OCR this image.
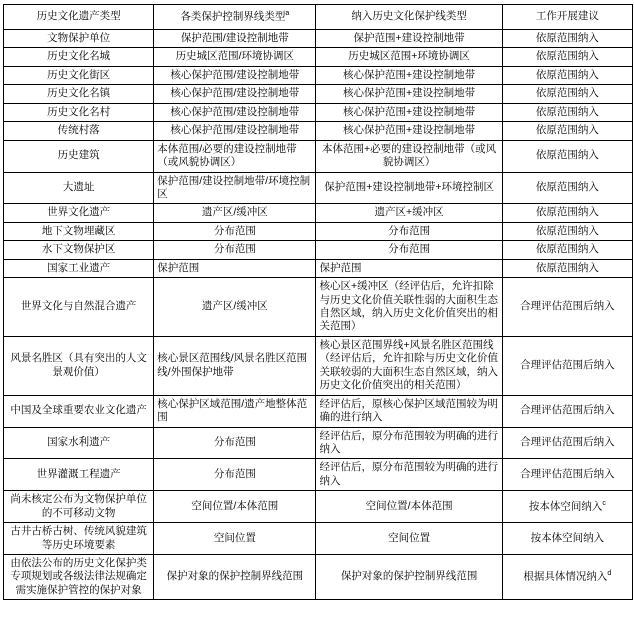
历史文化遗产类型	各类保护控制界线类型$^a$	纳入历史文化保护线类型	工作开展建议
文物保护单位	保护范围/建设控制地带	保护范围+建设控制地带	依原范围纳入
历史文化名城	历史城区范围/环境协调区	历史城区范围+环境协调区	依原范围纳入
历史文化街区	核心保护范围/建设控制地带	核心保护范围+建设控制地带	依原范围纳入
历史文化名镇	核心保护范围/建设控制地带	核心保护范围+建设控制地带	依原范围纳入
历史文化名村	核心保护范围/建设控制地带	核心保护范围+建设控制地带	依原范围纳入
传统村落	核心保护范围/建设控制地带	核心保护范围+建设控制地带	依原范围纳入
历史建筑	本体范围/必要的建设控制地带（或风貌协调区）	本体范围+必要的建设控制地带（或风貌协调区）	依原范围纳入
大遗址	保护范围/建设控制地带/环境控制区	保护范围+建设控制地带+环境控制区	依原范围纳入
世界文化遗产	遗产区/缓冲区	遗产区+缓冲区	依原范围纳入
地下文物埋藏区	分布范围	分布范围	依原范围纳入
水下文物保护区	分布范围	分布范围	依原范围纳入
国家工业遗产	保护范围	保护范围	依原范围纳入
世界文化与自然混合遗产	遗产区/缓冲区	核心区+缓冲区（经评估后，允许扣除与历史文化价值关联性弱的大面积生态自然区域，纳入历史文化价值突出的相关范围）	合理评估范围后纳入
风景名胜区（具有突出的人文景观价值）	核心景区范围线/风景名胜区范围线/外围保护地带	核心景区范围界线+风景名胜区范围线（经评估后，允许扣除与历史文化价值关联较弱的大面积生态自然区域，纳入历史文化价值突出的相关范围）	合理评估范围后纳入
中国及全球重要农业文化遗产	核心保护区域范围/遗产地整体范围	经评估后，原核心保护区域范围较为明确的进行纳入	合理评估范围后纳入
国家水利遗产	分布范围	经评估后，原分布范围较为明确的进行纳入	合理评估范围后纳入
世界灌溉工程遗产	分布范围	经评估后，原分布范围较为明确的进行纳入	合理评估范围后纳入
尚未核定公布为文物保护单位的不可移动文物	空间位置/本体范围	空间位置/本体范围	按本体空间纳入$^c$
古井古桥古树、传统风貌建筑等历史环境要素	空间位置	空间位置	按本体空间纳入
由依法公布的历史文化保护类专项规划或各级法律法规确定需实施保护管控的保护对象	保护对象的保护控制界线范围	保护对象的保护控制界线范围	根据具体情况纳入$^d$
